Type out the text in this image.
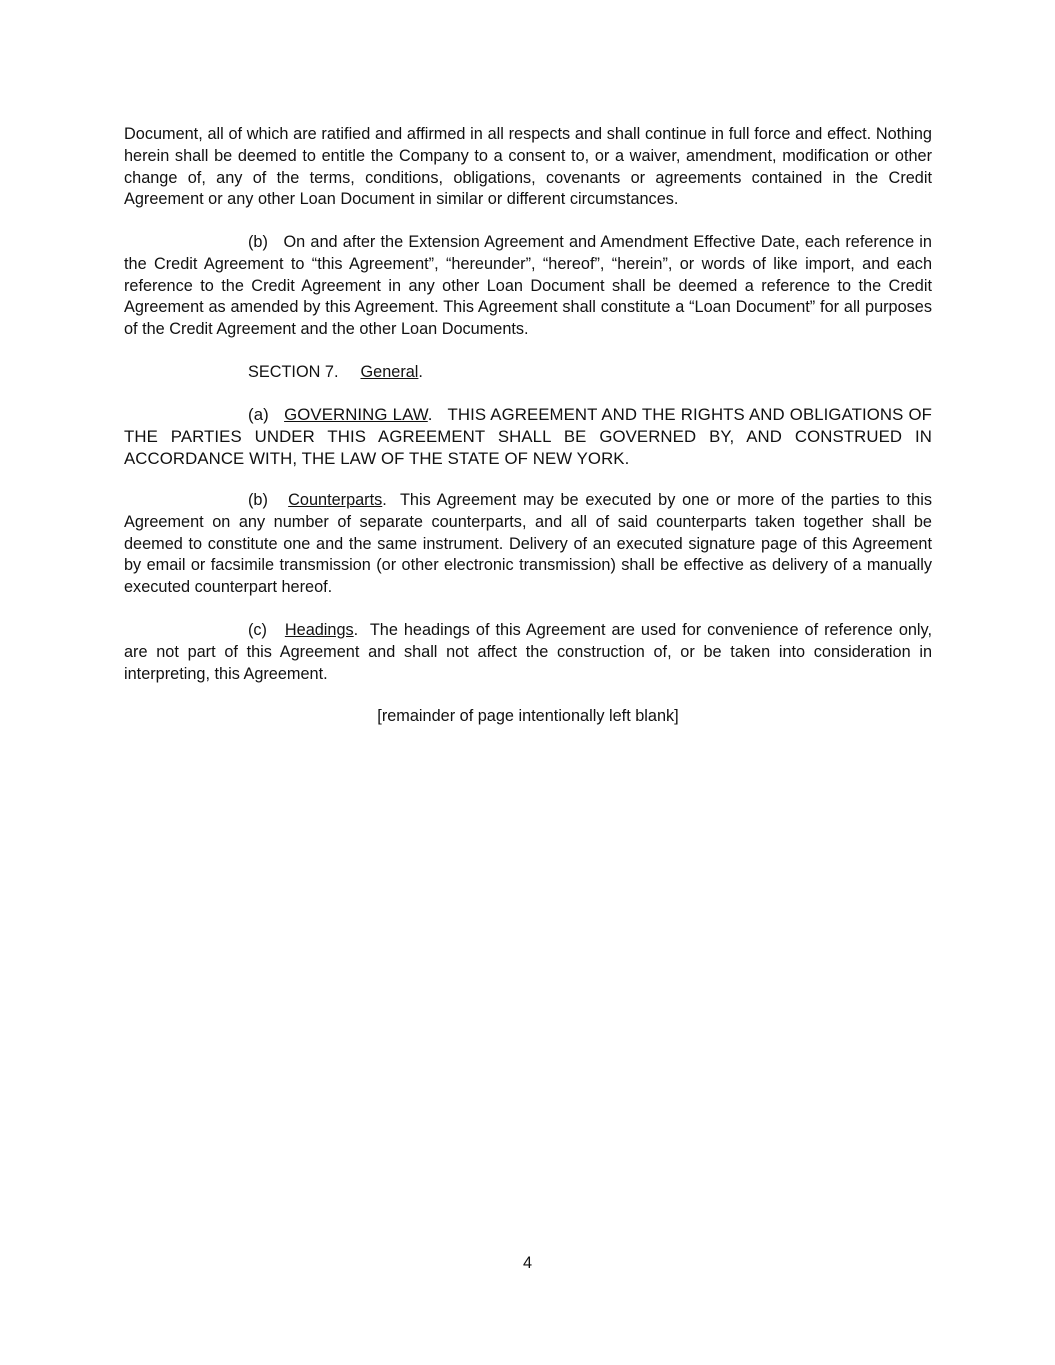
Document, all of which are ratified and affirmed in all respects and shall continue in full force and effect. Nothing herein shall be deemed to entitle the Company to a consent to, or a waiver, amendment, modification or other change of, any of the terms, conditions, obligations, covenants or agreements contained in the Credit Agreement or any other Loan Document in similar or different circumstances.

(b) On and after the Extension Agreement and Amendment Effective Date, each reference in the Credit Agreement to “this Agreement”, “hereunder”, “hereof”, “herein”, or words of like import, and each reference to the Credit Agreement in any other Loan Document shall be deemed a reference to the Credit Agreement as amended by this Agreement. This Agreement shall constitute a “Loan Document” for all purposes of the Credit Agreement and the other Loan Documents.

SECTION 7. General.

(a) GOVERNING LAW. THIS AGREEMENT AND THE RIGHTS AND OBLIGATIONS OF THE PARTIES UNDER THIS AGREEMENT SHALL BE GOVERNED BY, AND CONSTRUED IN ACCORDANCE WITH, THE LAW OF THE STATE OF NEW YORK.

(b) Counterparts. This Agreement may be executed by one or more of the parties to this Agreement on any number of separate counterparts, and all of said counterparts taken together shall be deemed to constitute one and the same instrument. Delivery of an executed signature page of this Agreement by email or facsimile transmission (or other electronic transmission) shall be effective as delivery of a manually executed counterpart hereof.

(c) Headings. The headings of this Agreement are used for convenience of reference only, are not part of this Agreement and shall not affect the construction of, or be taken into consideration in interpreting, this Agreement.

[remainder of page intentionally left blank]

4
